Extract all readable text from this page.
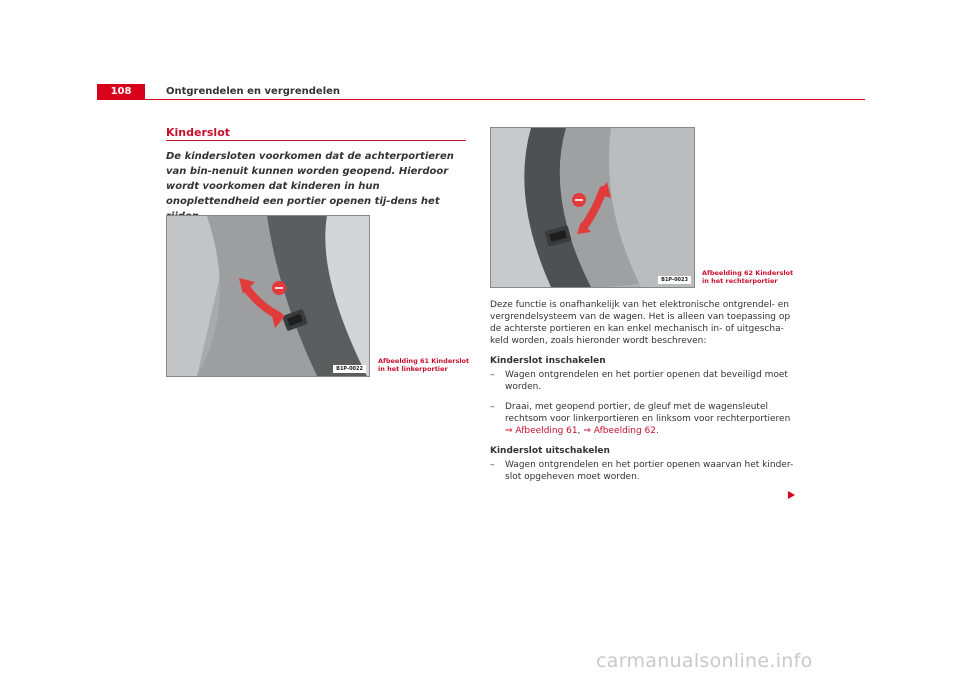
108	Ontgrendelen en vergrendelen
Kinderslot
De kindersloten voorkomen dat de achterportieren van bin-nenuit kunnen worden geopend. Hierdoor wordt voorkomen dat kinderen in hun onoplettendheid een portier openen tij-dens het
B1P-0022
Afbeelding 61 Kinderslot
in het linkerportier
B1P-0023
Afbeelding 62 Kinderslot
in het rechterportier

Deze functie is onafhankelijk van het elektronische ontgrendel- en vergrendelsysteem van de wagen. Het is alleen van toepassing op de achterste portieren en kan enkel mechanisch in- of uitgescha-keld worden, zoals hieronder wordt beschreven:

Kinderslot inschakelen
–	Wagen ontgrendelen en het portier openen dat beveiligd moet worden.
–	Draai, met geopend portier, de gleuf met de wagensleutel rechtsom voor linkerportieren en linksom voor rechterportieren ⇒ Afbeelding 61, ⇒ Afbeelding 62.
Kinderslot uitschakelen
–	Wagen ontgrendelen en het portier openen waarvan het kinder-slot opgeheven moet worden.
carmanualsonline.info
